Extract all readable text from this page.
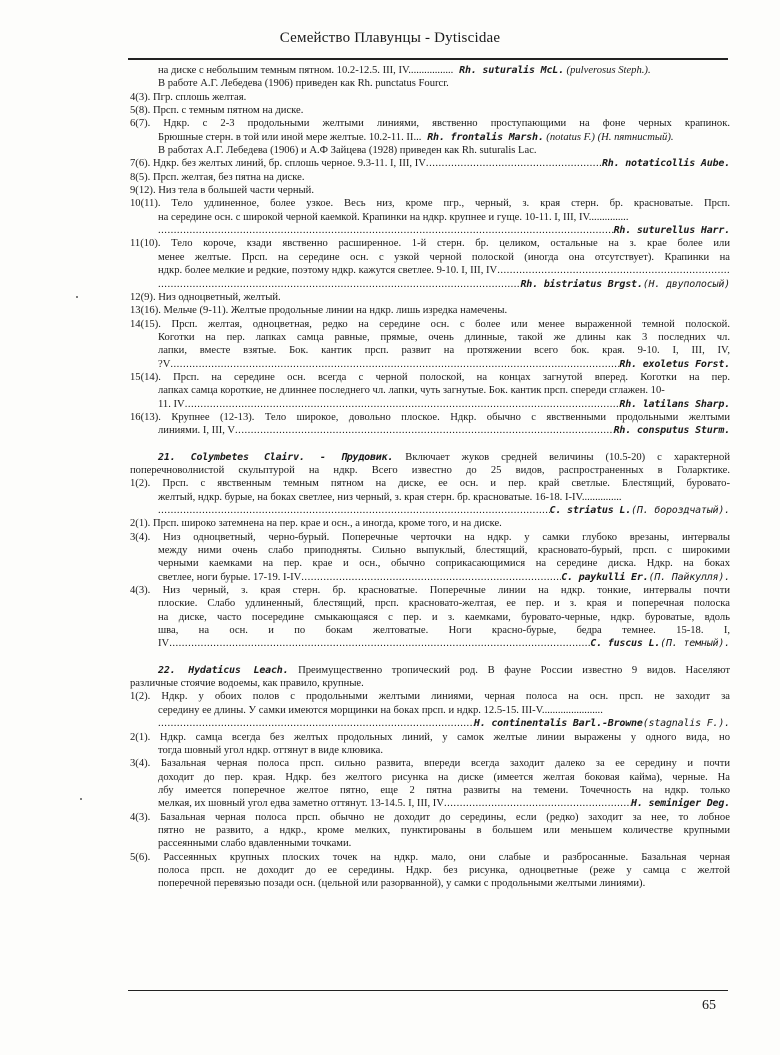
Семейство Плавунцы - Dytiscidae
на диске с небольшим темным пятном. 10.2-12.5. III, IV................. Rh. suturalis McL. (pulverosus Steph.).
В работе А.Г. Лебедева (1906) приведен как Rh. punctatus Fourcr.
4(3). Пгр. сплошь желтая.
5(8). Прсп. с темным пятном на диске.
6(7). Ндкр. с 2-3 продольными желтыми линиями, явственно проступающими на фоне черных крапинок.
Брюшные стерн. в той или иной мере желтые. 10.2-11. II... Rh. frontalis Marsh. (notatus F.) (Н. пятнистый).
В работах А.Г. Лебедева (1906) и А.Ф Зайцева (1928) приведен как Rh. suturalis Lac.
7(6). Ндкр. без желтых линий, бр. сплошь черное. 9.3-11. I, III, IV .....	Rh. notaticollis Aube.
8(5). Прсп. желтая, без пятна на диске.
9(12). Низ тела в большей части черный.
10(11). Тело удлиненное, более узкое. Весь низ, кроме пгр., черный, з. края стерн. бр. красноватые. Прсп.
на середине осн. с широкой черной каемкой. Крапинки на ндкр. крупнее и гуще. 10-11. I, III, IV...............
.....
Rh. suturellus Harr.
11(10). Тело короче, кзади явственно расширенное. 1-й стерн. бр. целиком, остальные на з. крае более или
менее желтые. Прсп. на середине осн. с узкой черной полоской (иногда она отсутствует). Крапинки на
ндкр. более мелкие и редкие, поэтому ндкр. кажутся светлее. 9-10. I, III, IV
.....
.....
Rh. bistriatus Brgst. (Н. двуполосый)
12(9). Низ одноцветный, желтый.
13(16). Мельче (9-11). Желтые продольные линии на ндкр. лишь изредка намечены.
14(15). Прсп. желтая, одноцветная, редко на середине осн. с более или менее выраженной темной полоской.
Коготки на пер. лапках самца равные, прямые, очень длинные, такой же длины как 3 последних чл.
лапки, вместе взятые. Бок. кантик прсп. развит на протяжении всего бок. края. 9-10. I, III, IV,
?V .....	Rh. exoletus Forst.
15(14). Прсп. на середине осн. всегда с черной полоской, на концах загнутой вперед. Коготки на пер.
лапках самца короткие, не длиннее последнего чл. лапки, чуть загнутые. Бок. кантик прсп. спереди сглажен. 10-
11. IV .....	Rh. latilans Sharp.
16(13). Крупнее (12-13). Тело широкое, довольно плоское. Ндкр. обычно с явственными продольными желтыми
линиями. I, III, V .....	Rh. consputus Sturm.
21. Colymbetes Clairv. - Прудовик. Включает жуков средней величины (10.5-20) с характерной
поперечноволнистой скульптурой на ндкр. Всего известно до 25 видов, распространенных в Голарктике.
1(2). Прсп. с явственным темным пятном на диске, ее осн. и пер. край светлые. Блестящий, буровато-
желтый, ндкр. бурые, на боках светлее, низ черный, з. края стерн. бр. красноватые. 16-18. I-IV...............
.....
C. striatus L. (П. бороздчатый).
2(1). Прсп. широко затемнена на пер. крае и осн., а иногда, кроме того, и на диске.
3(4). Низ одноцветный, черно-бурый. Поперечные черточки на ндкр. у самки глубоко врезаны, интервалы
между ними очень слабо приподняты. Сильно выпуклый, блестящий, красновато-бурый, прсп. с широкими
черными каемками на пер. крае и осн., обычно соприкасающимися на середине диска. Ндкр. на боках
светлее, ноги бурые. 17-19. I-IV .....	C. paykulli Er. (П. Пайкулля).
4(3). Низ черный, з. края стерн. бр. красноватые. Поперечные линии на ндкр. тонкие, интервалы почти
плоские. Слабо удлиненный, блестящий, прсп. красновато-желтая, ее пер. и з. края и поперечная полоска
на диске, часто посередине смыкающаяся с пер. и з. каемками, буровато-черные, ндкр. буроватые, вдоль
шва, на осн. и по бокам желтоватые. Ноги красно-бурые, бедра темнее. 15-18. I,
IV .....	C. fuscus L. (П. темный).
22. Hydaticus Leach. Преимущественно тропический род. В фауне России известно 9 видов. Населяют
различные стоячие водоемы, как правило, крупные.
1(2). Ндкр. у обоих полов с продольными желтыми линиями, черная полоса на осн. прсп. не заходит за
середину ее длины. У самки имеются морщинки на боках прсп. и ндкр. 12.5-15. III-V.......................
.....
H. continentalis Barl.-Browne (stagnalis F.).
2(1). Ндкр. самца всегда без желтых продольных линий, у самок желтые линии выражены у одного вида, но
тогда шовный угол ндкр. оттянут в виде клювика.
3(4). Базальная черная полоса прсп. сильно развита, впереди всегда заходит далеко за ее середину и почти
доходит до пер. края. Ндкр. без желтого рисунка на диске (имеется желтая боковая кайма), черные. На
лбу имеется поперечное желтое пятно, еще 2 пятна развиты на темени. Точечность на ндкр. только
мелкая, их шовный угол едва заметно оттянут. 13-14.5. I, III, IV .....	H. seminiger Deg.
4(3). Базальная черная полоса прсп. обычно не доходит до середины, если (редко) заходит за нее, то лобное
пятно не развито, а ндкр., кроме мелких, пунктированы в большем или меньшем количестве крупными
рассеянными слабо вдавленными точками.
5(6). Рассеянных крупных плоских точек на ндкр. мало, они слабые и разбросанные. Базальная черная
полоса прсп. не доходит до ее середины. Ндкр. без рисунка, одноцветные (реже у самца с желтой
поперечной перевязью позади осн. (цельной или разорванной), у самки с продольными желтыми линиями).
65
